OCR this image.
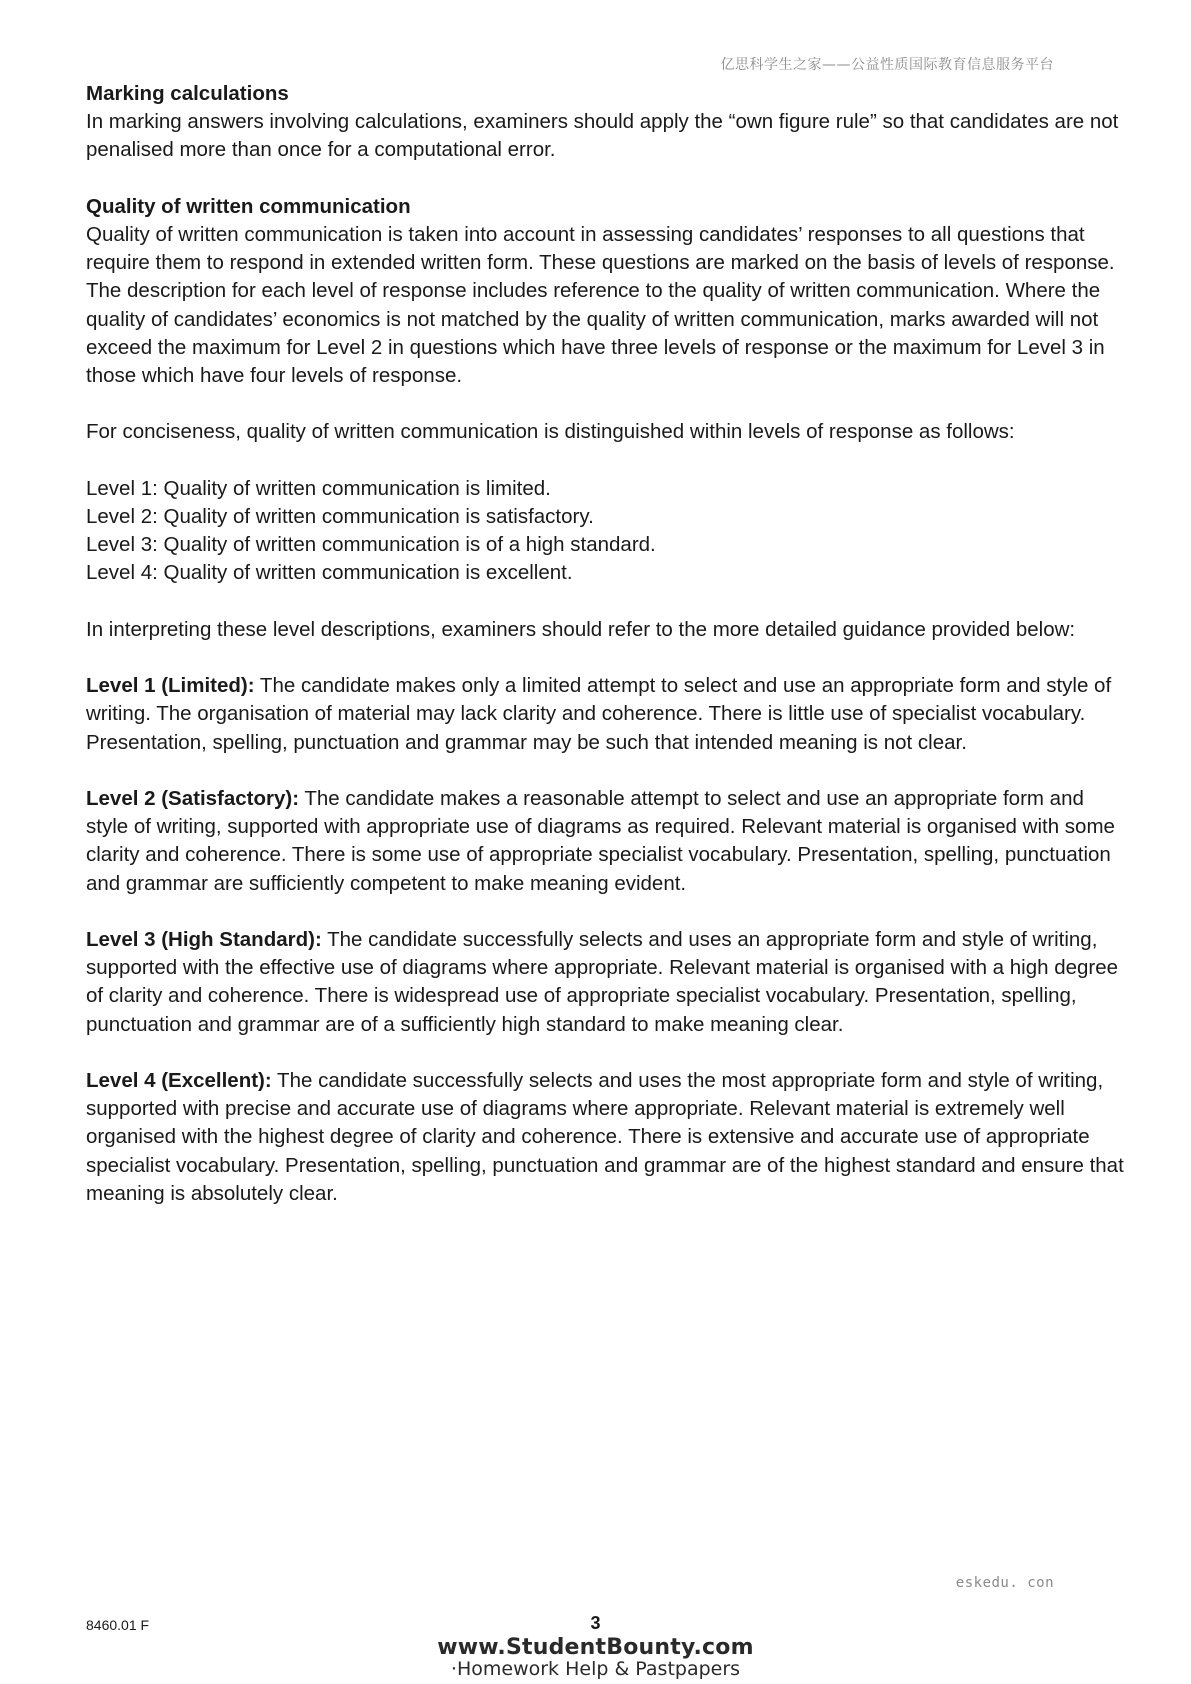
亿思科学生之家——公益性质国际教育信息服务平台
Marking calculations

In marking answers involving calculations, examiners should apply the “own figure rule” so that candidates are not penalised more than once for a computational error.

Quality of written communication

Quality of written communication is taken into account in assessing candidates’ responses to all questions that require them to respond in extended written form. These questions are marked on the basis of levels of response. The description for each level of response includes reference to the quality of written communication. Where the quality of candidates’ economics is not matched by the quality of written communication, marks awarded will not exceed the maximum for Level 2 in questions which have three levels of response or the maximum for Level 3 in those which have four levels of response.

For conciseness, quality of written communication is distinguished within levels of response as follows:

Level 1: Quality of written communication is limited.
Level 2: Quality of written communication is satisfactory.
Level 3: Quality of written communication is of a high standard.
Level 4: Quality of written communication is excellent.

In interpreting these level descriptions, examiners should refer to the more detailed guidance provided below:

Level 1 (Limited): The candidate makes only a limited attempt to select and use an appropriate form and style of writing. The organisation of material may lack clarity and coherence. There is little use of specialist vocabulary. Presentation, spelling, punctuation and grammar may be such that intended meaning is not clear.

Level 2 (Satisfactory): The candidate makes a reasonable attempt to select and use an appropriate form and style of writing, supported with appropriate use of diagrams as required. Relevant material is organised with some clarity and coherence. There is some use of appropriate specialist vocabulary. Presentation, spelling, punctuation and grammar are sufficiently competent to make meaning evident.

Level 3 (High Standard): The candidate successfully selects and uses an appropriate form and style of writing, supported with the effective use of diagrams where appropriate. Relevant material is organised with a high degree of clarity and coherence. There is widespread use of appropriate specialist vocabulary. Presentation, spelling, punctuation and grammar are of a sufficiently high standard to make meaning clear.

Level 4 (Excellent): The candidate successfully selects and uses the most appropriate form and style of writing, supported with precise and accurate use of diagrams where appropriate. Relevant material is extremely well organised with the highest degree of clarity and coherence. There is extensive and accurate use of appropriate specialist vocabulary. Presentation, spelling, punctuation and grammar are of the highest standard and ensure that meaning is absolutely clear.

eskedu. con
8460.01 F	3
www.StudentBounty.com
·Homework Help & Pastpapers
